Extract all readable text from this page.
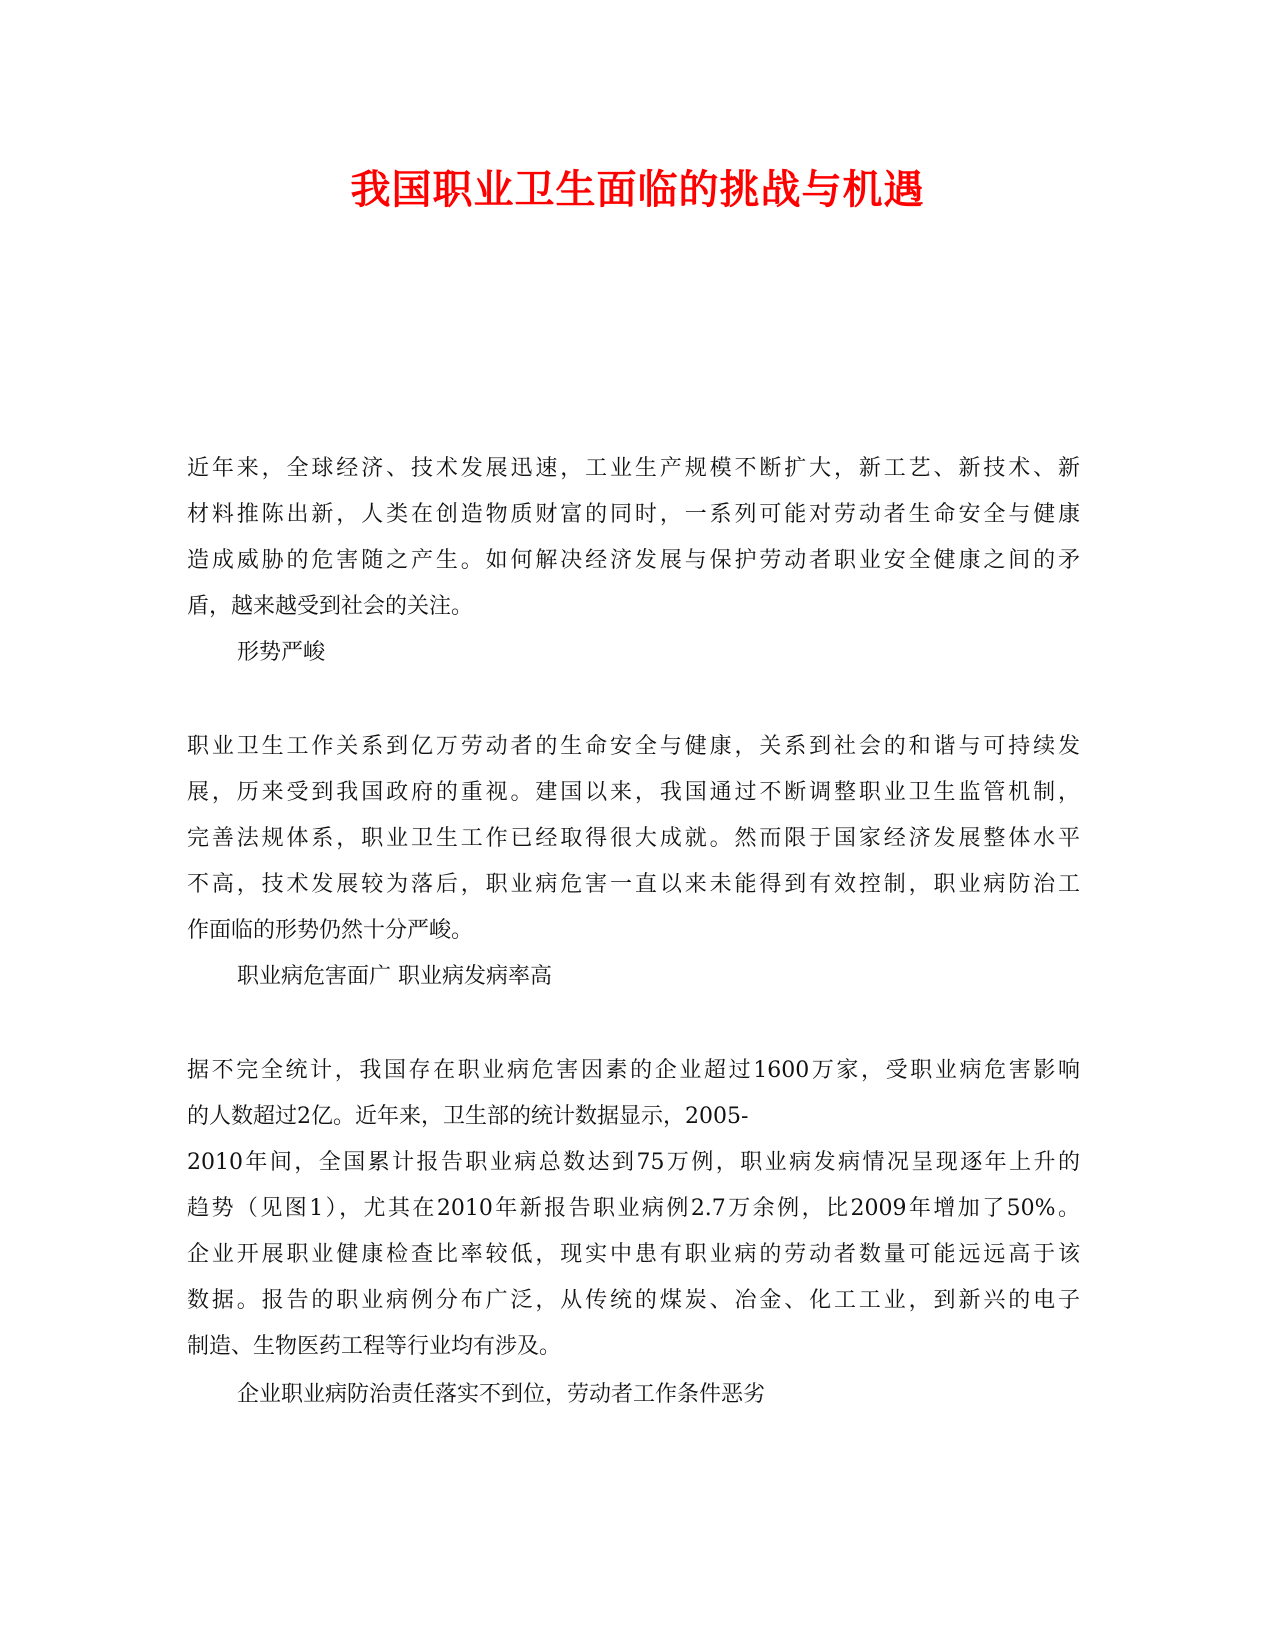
我国职业卫生面临的挑战与机遇
近年来，全球经济、技术发展迅速，工业生产规模不断扩大，新工艺、新技术、新
材料推陈出新，人类在创造物质财富的同时，一系列可能对劳动者生命安全与健康
造成威胁的危害随之产生。如何解决经济发展与保护劳动者职业安全健康之间的矛
盾，越来越受到社会的关注。
形势严峻
职业卫生工作关系到亿万劳动者的生命安全与健康，关系到社会的和谐与可持续发
展，历来受到我国政府的重视。建国以来，我国通过不断调整职业卫生监管机制，
完善法规体系，职业卫生工作已经取得很大成就。然而限于国家经济发展整体水平
不高，技术发展较为落后，职业病危害一直以来未能得到有效控制，职业病防治工
作面临的形势仍然十分严峻。
职业病危害面广 职业病发病率高
据不完全统计，我国存在职业病危害因素的企业超过1600万家，受职业病危害影响
的人数超过2亿。近年来，卫生部的统计数据显示，2005-
2010年间，全国累计报告职业病总数达到75万例，职业病发病情况呈现逐年上升的
趋势（见图1），尤其在2010年新报告职业病例2.7万余例，比2009年增加了50%。
企业开展职业健康检查比率较低，现实中患有职业病的劳动者数量可能远远高于该
数据。报告的职业病例分布广泛，从传统的煤炭、冶金、化工工业，到新兴的电子
制造、生物医药工程等行业均有涉及。
企业职业病防治责任落实不到位，劳动者工作条件恶劣
